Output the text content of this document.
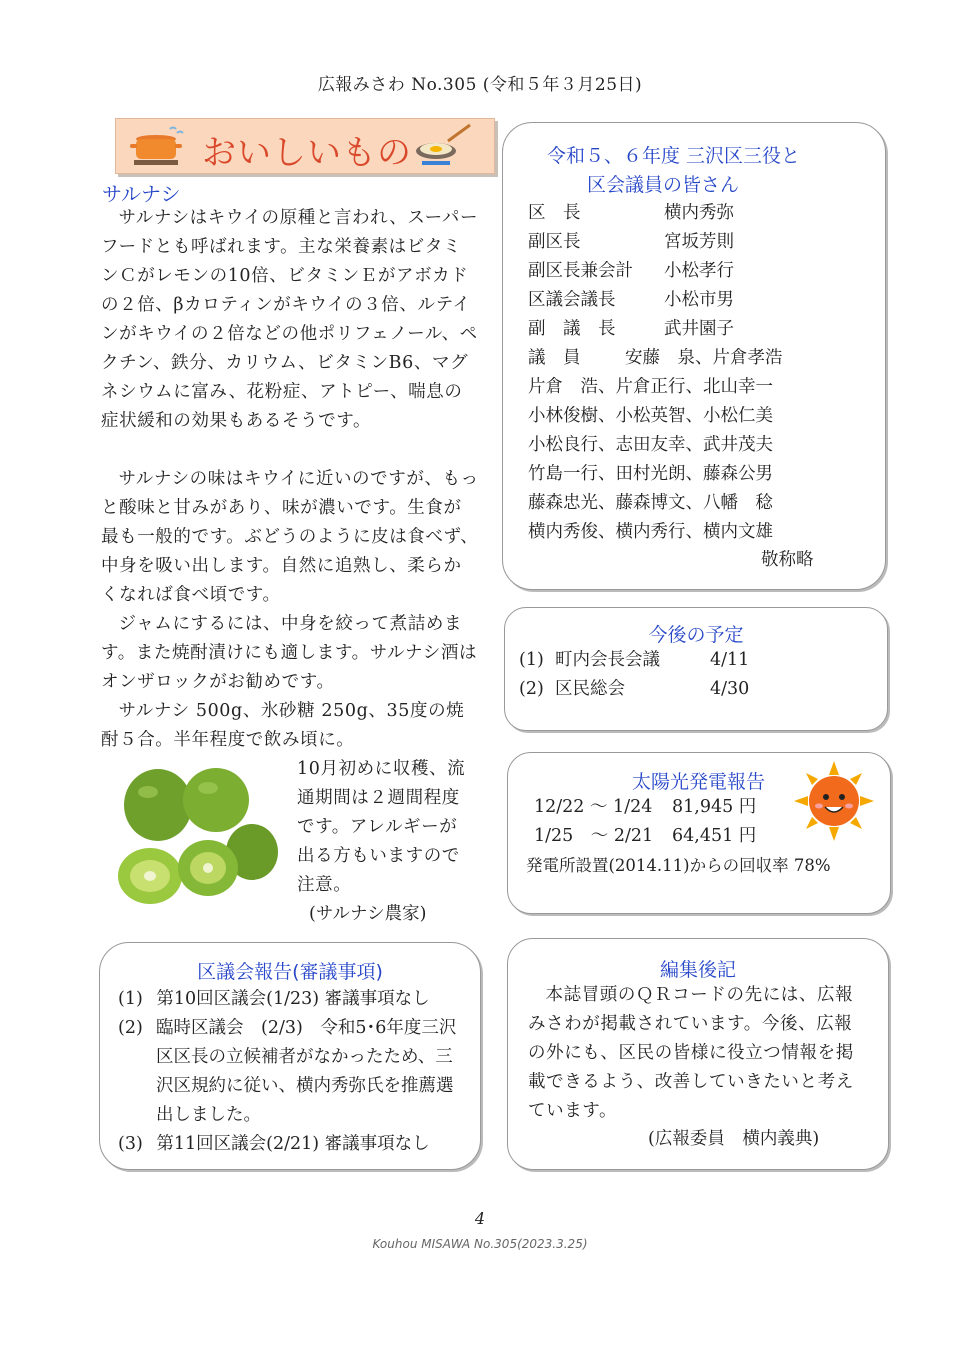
広報みさわ No.305 (令和５年３月25日)
おいしいもの
サルナシ

サルナシはキウイの原種と言われ、スーパーフードとも呼ばれます。主な栄養素はビタミンＣがレモンの10倍、ビタミンＥがアボカドの２倍、βカロティンがキウイの３倍、ルテインがキウイの２倍などの他ポリフェノール、ペクチン、鉄分、カリウム、ビタミンB6、マグネシウムに富み、花粉症、アトピー、喘息の症状緩和の効果もあるそうです。

サルナシの味はキウイに近いのですが、もっと酸味と甘みがあり、味が濃いです。生食が最も一般的です。ぶどうのように皮は食べず、中身を吸い出します。自然に追熟し、柔らかくなれば食べ頃です。

ジャムにするには、中身を絞って煮詰めます。また焼酎漬けにも適します。サルナシ酒はオンザロックがお勧めです。

サルナシ 500g、氷砂糖 250g、35度の焼酎５合。半年程度で飲み頃に。

10月初めに収穫、流通期間は２週間程度です。アレルギーが出る方もいますので注意。

(サルナシ農家)
区議会報告(審議事項)
(1) 第10回区議会(1/23) 審議事項なし
(2) 臨時区議会　(2/3)　令和5･6年度三沢区区長の立候補者がなかったため、三沢区規約に従い、横内秀弥氏を推薦選出しました。
(3) 第11回区議会(2/21) 審議事項なし
令和５、６年度 三沢区三役と
区会議員の皆さん
区　長	横内秀弥
副区長	宮坂芳則
副区長兼会計 小松孝行
区議会議長	小松市男
副　議　長	武井園子
議　員	安藤　泉、片倉孝浩
片倉　浩、片倉正行、北山幸一
小林俊樹、小松英智、小松仁美
小松良行、志田友幸、武井茂夫
竹島一行、田村光朗、藤森公男
藤森忠光、藤森博文、八幡　稔
横内秀俊、横内秀行、横内文雄
敬称略
今後の予定
(1) 町内会長会議	4/11
(2) 区民総会	4/30
太陽光発電報告
12/22 〜 1/24 81,945 円
1/25　〜 2/21 64,451 円
発電所設置(2014.11)からの回収率 78%
編集後記

本誌冒頭のＱＲコードの先には、広報みさわが掲載されています。今後、広報の外にも、区民の皆様に役立つ情報を掲載できるよう、改善していきたいと考えています。

(広報委員　横内義典)
4
Kouhou MISAWA No.305(2023.3.25)
